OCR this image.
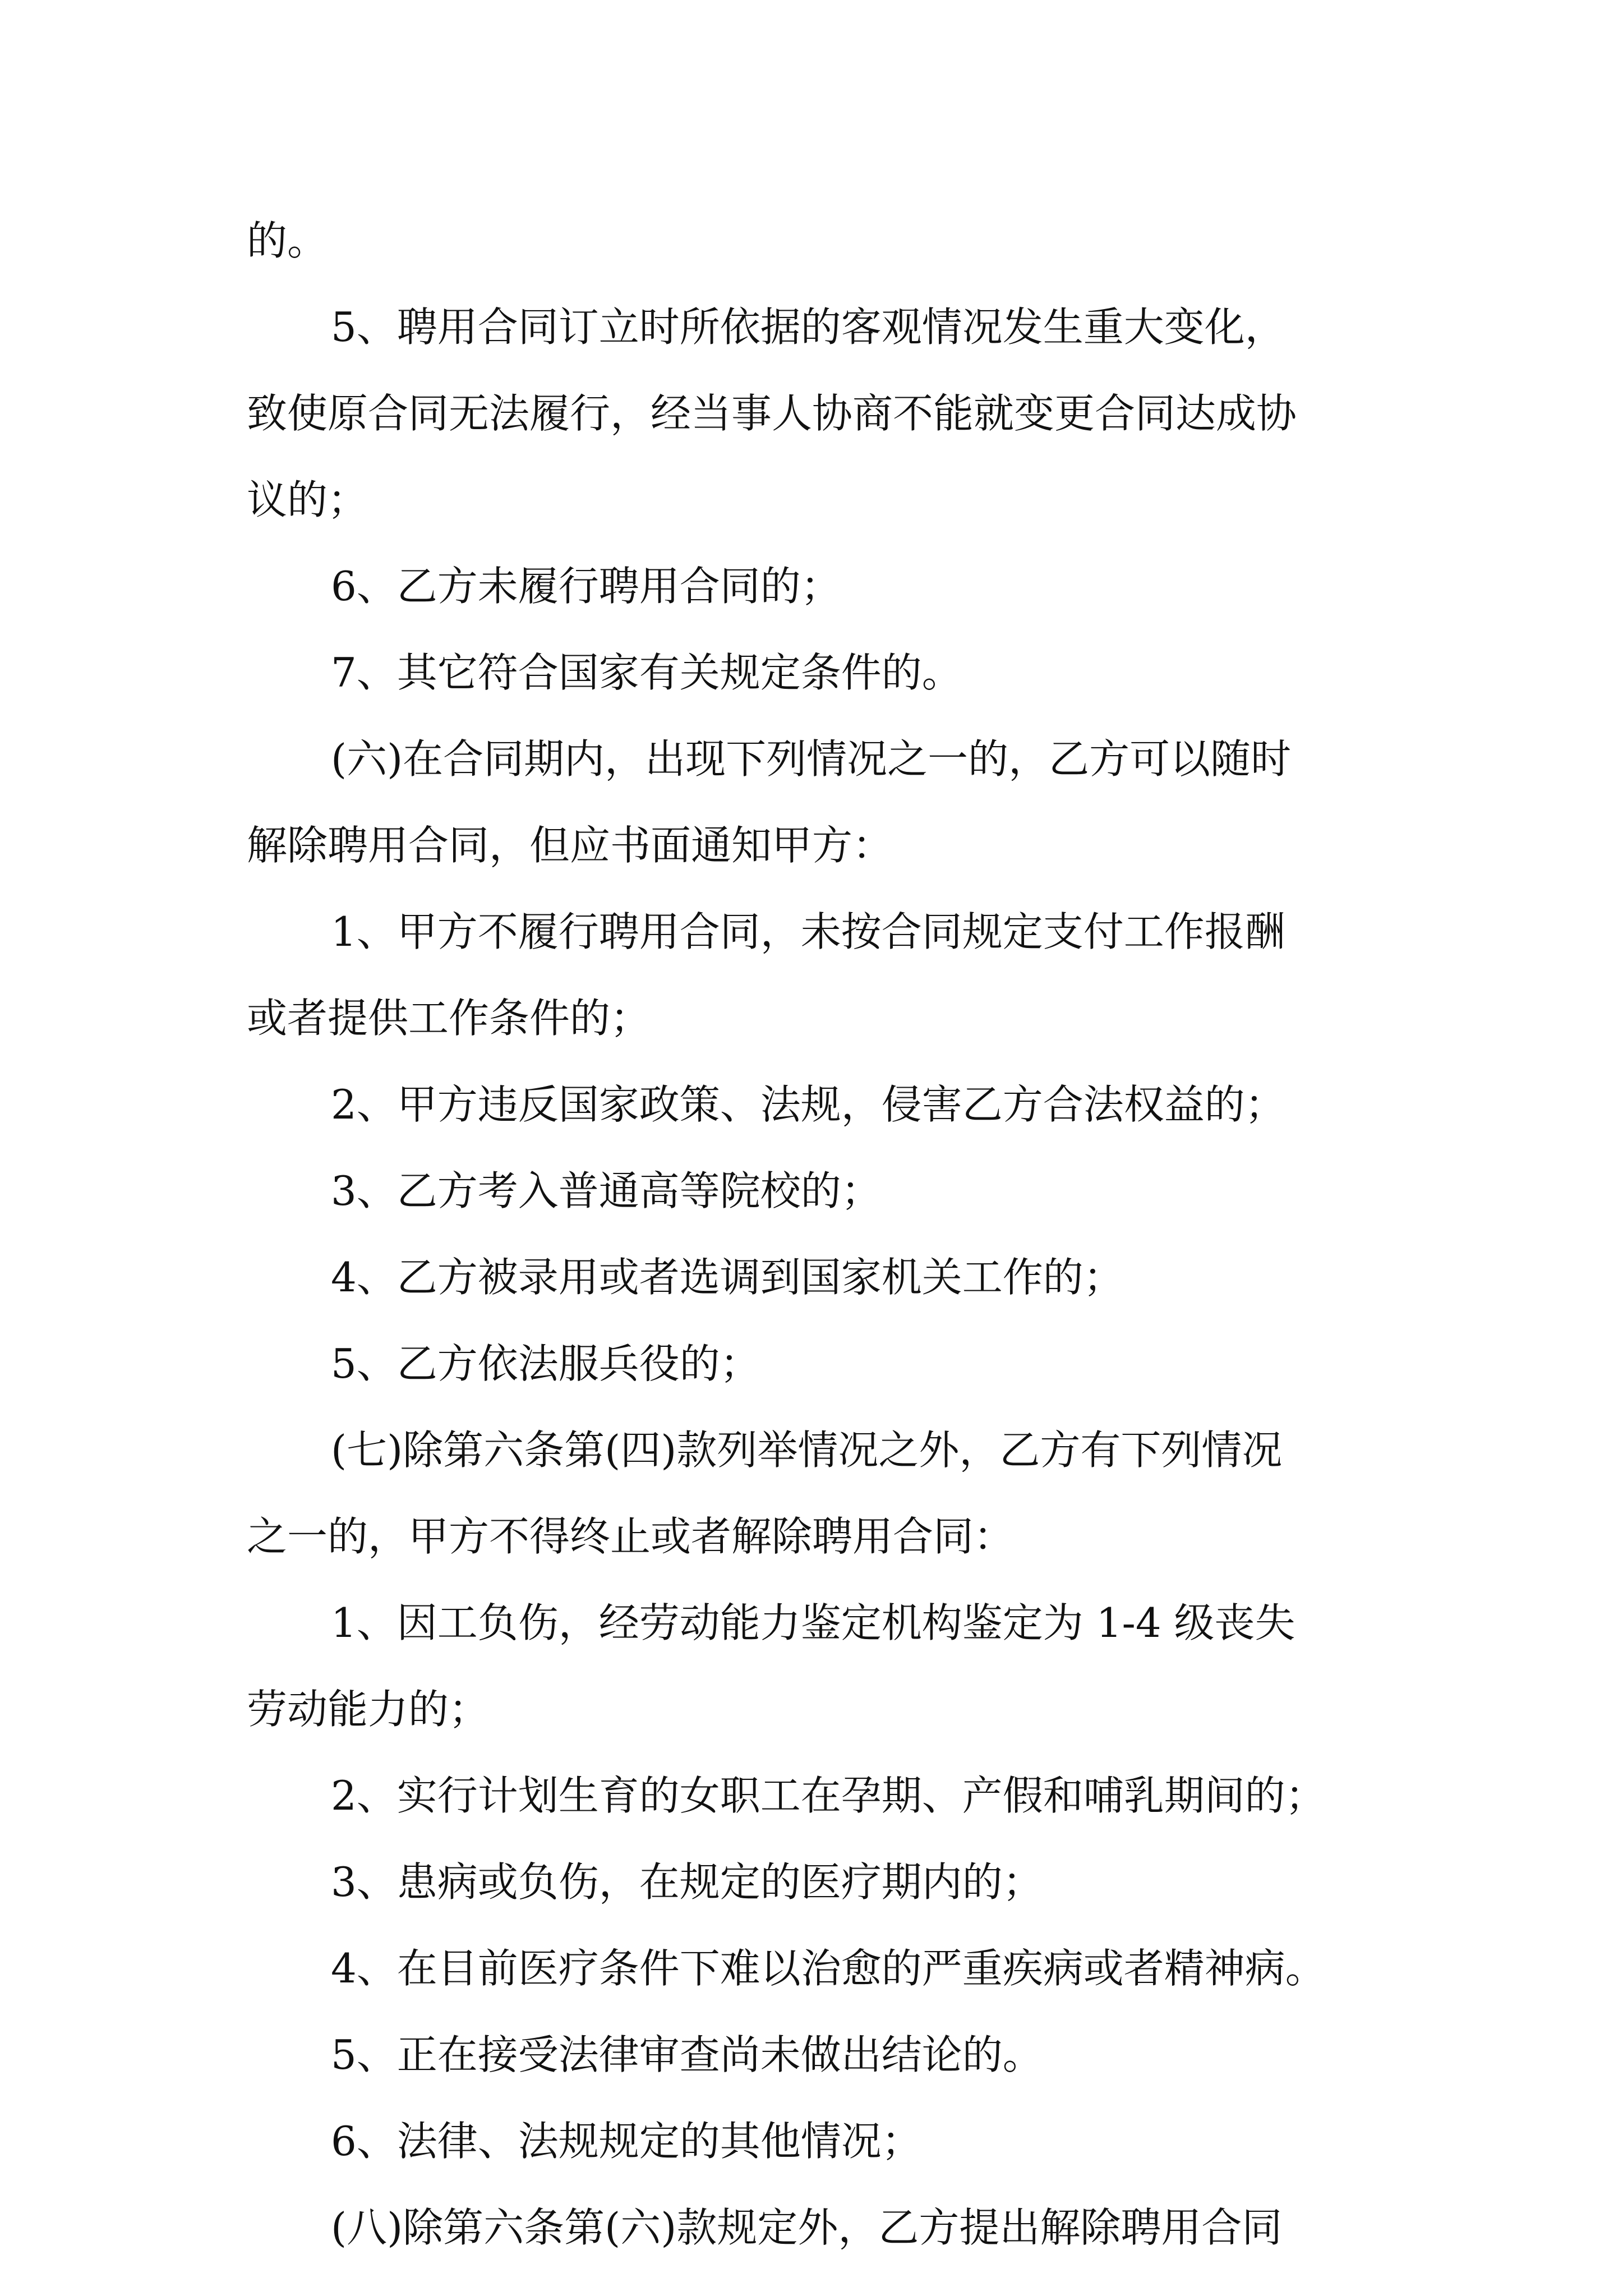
的。
5、聘用合同订立时所依据的客观情况发生重大变化，
致使原合同无法履行，经当事人协商不能就变更合同达成协
议的；
6、乙方未履行聘用合同的；
7、其它符合国家有关规定条件的。
(六)在合同期内，出现下列情况之一的，乙方可以随时
解除聘用合同，但应书面通知甲方：
1、甲方不履行聘用合同，未按合同规定支付工作报酬
或者提供工作条件的；
2、甲方违反国家政策、法规，侵害乙方合法权益的；
3、乙方考入普通高等院校的；
4、乙方被录用或者选调到国家机关工作的；
5、乙方依法服兵役的；
(七)除第六条第(四)款列举情况之外，乙方有下列情况
之一的，甲方不得终止或者解除聘用合同：
1、因工负伤，经劳动能力鉴定机构鉴定为 1-4 级丧失
劳动能力的；
2、实行计划生育的女职工在孕期、产假和哺乳期间的；
3、患病或负伤，在规定的医疗期内的；
4、在目前医疗条件下难以治愈的严重疾病或者精神病。
5、正在接受法律审查尚未做出结论的。
6、法律、法规规定的其他情况；
(八)除第六条第(六)款规定外，乙方提出解除聘用合同
